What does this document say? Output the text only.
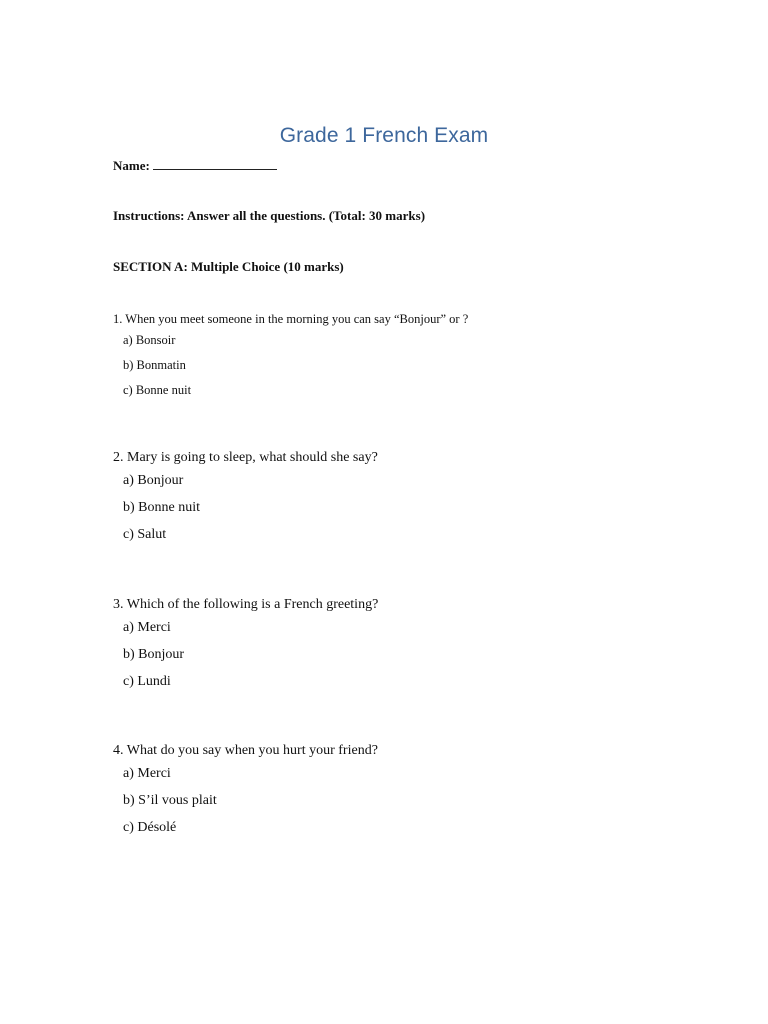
Grade 1 French Exam

Name:

Instructions: Answer all the questions. (Total: 30 marks)

SECTION A: Multiple Choice (10 marks)

1. When you meet someone in the morning you can say “Bonjour” or ?

a) Bonsoir

b) Bonmatin

c) Bonne nuit

2. Mary is going to sleep, what should she say?

a) Bonjour

b) Bonne nuit

c) Salut

3. Which of the following is a French greeting?

a) Merci

b) Bonjour

c) Lundi

4. What do you say when you hurt your friend?

a) Merci

b) S’il vous plait

c) Désolé
